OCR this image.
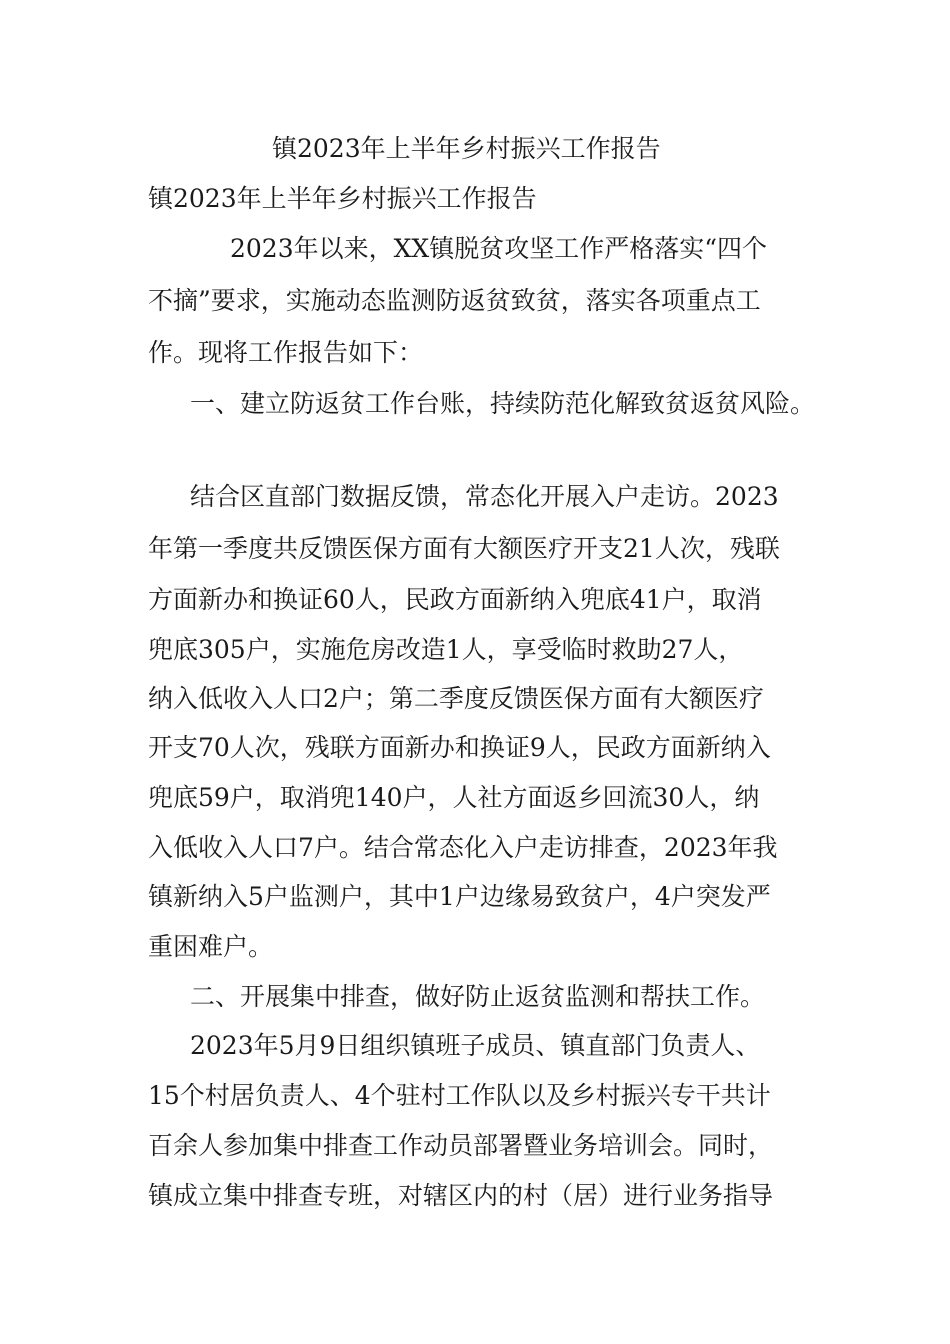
镇2023年上半年乡村振兴工作报告
镇2023年上半年乡村振兴工作报告
2023年以来，XX镇脱贫攻坚工作严格落实“四个
不摘”要求，实施动态监测防返贫致贫，落实各项重点工
作。现将工作报告如下：
一、建立防返贫工作台账，持续防范化解致贫返贫风险。
结合区直部门数据反馈，常态化开展入户走访。2023
年第一季度共反馈医保方面有大额医疗开支21人次，残联
方面新办和换证60人，民政方面新纳入兜底41户，取消
兜底305户，实施危房改造1人，享受临时救助27人，
纳入低收入人口2户；第二季度反馈医保方面有大额医疗
开支70人次，残联方面新办和换证9人，民政方面新纳入
兜底59户，取消兜140户，人社方面返乡回流30人，纳
入低收入人口7户。结合常态化入户走访排查，2023年我
镇新纳入5户监测户，其中1户边缘易致贫户，4户突发严
重困难户。
二、开展集中排查，做好防止返贫监测和帮扶工作。
2023年5月9日组织镇班子成员、镇直部门负责人、
15个村居负责人、4个驻村工作队以及乡村振兴专干共计
百余人参加集中排查工作动员部署暨业务培训会。同时，
镇成立集中排查专班，对辖区内的村（居）进行业务指导
